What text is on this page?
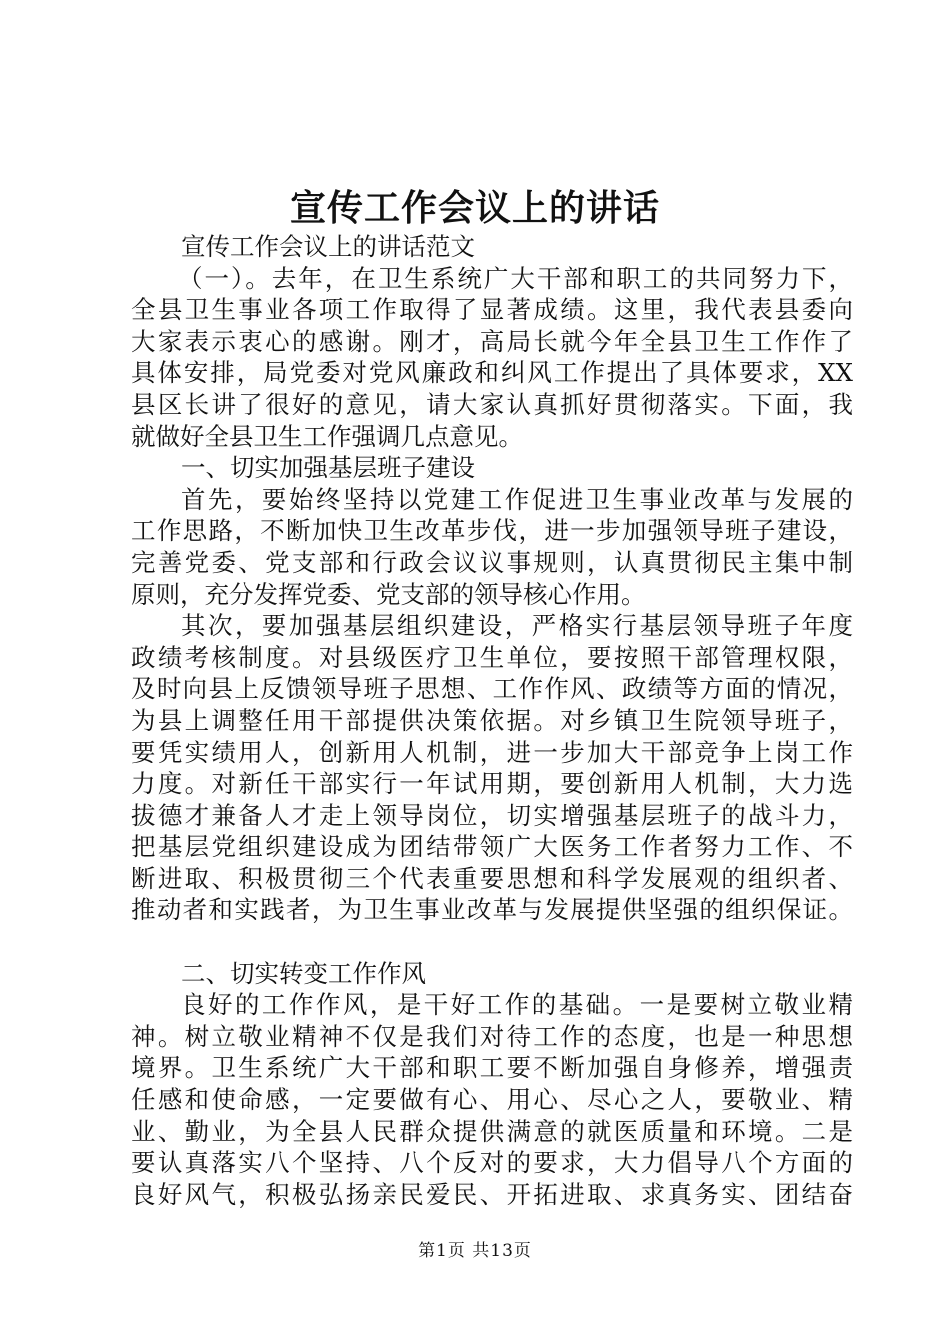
宣传工作会议上的讲话
宣传工作会议上的讲话范文
（一）。去年，在卫生系统广大干部和职工的共同努力下，
全县卫生事业各项工作取得了显著成绩。这里，我代表县委向
大家表示衷心的感谢。刚才，高局长就今年全县卫生工作作了
具体安排，局党委对党风廉政和纠风工作提出了具体要求，XX
县区长讲了很好的意见，请大家认真抓好贯彻落实。下面，我
就做好全县卫生工作强调几点意见。
一、切实加强基层班子建设
首先，要始终坚持以党建工作促进卫生事业改革与发展的
工作思路，不断加快卫生改革步伐，进一步加强领导班子建设，
完善党委、党支部和行政会议议事规则，认真贯彻民主集中制
原则，充分发挥党委、党支部的领导核心作用。
其次，要加强基层组织建设，严格实行基层领导班子年度
政绩考核制度。对县级医疗卫生单位，要按照干部管理权限，
及时向县上反馈领导班子思想、工作作风、政绩等方面的情况，
为县上调整任用干部提供决策依据。对乡镇卫生院领导班子，
要凭实绩用人，创新用人机制，进一步加大干部竞争上岗工作
力度。对新任干部实行一年试用期，要创新用人机制，大力选
拔德才兼备人才走上领导岗位，切实增强基层班子的战斗力，
把基层党组织建设成为团结带领广大医务工作者努力工作、不
断进取、积极贯彻三个代表重要思想和科学发展观的组织者、
推动者和实践者，为卫生事业改革与发展提供坚强的组织保证。
二、切实转变工作作风
良好的工作作风，是干好工作的基础。一是要树立敬业精
神。树立敬业精神不仅是我们对待工作的态度，也是一种思想
境界。卫生系统广大干部和职工要不断加强自身修养，增强责
任感和使命感，一定要做有心、用心、尽心之人，要敬业、精
业、勤业，为全县人民群众提供满意的就医质量和环境。二是
要认真落实八个坚持、八个反对的要求，大力倡导八个方面的
良好风气，积极弘扬亲民爱民、开拓进取、求真务实、团结奋
第1页 共13页
